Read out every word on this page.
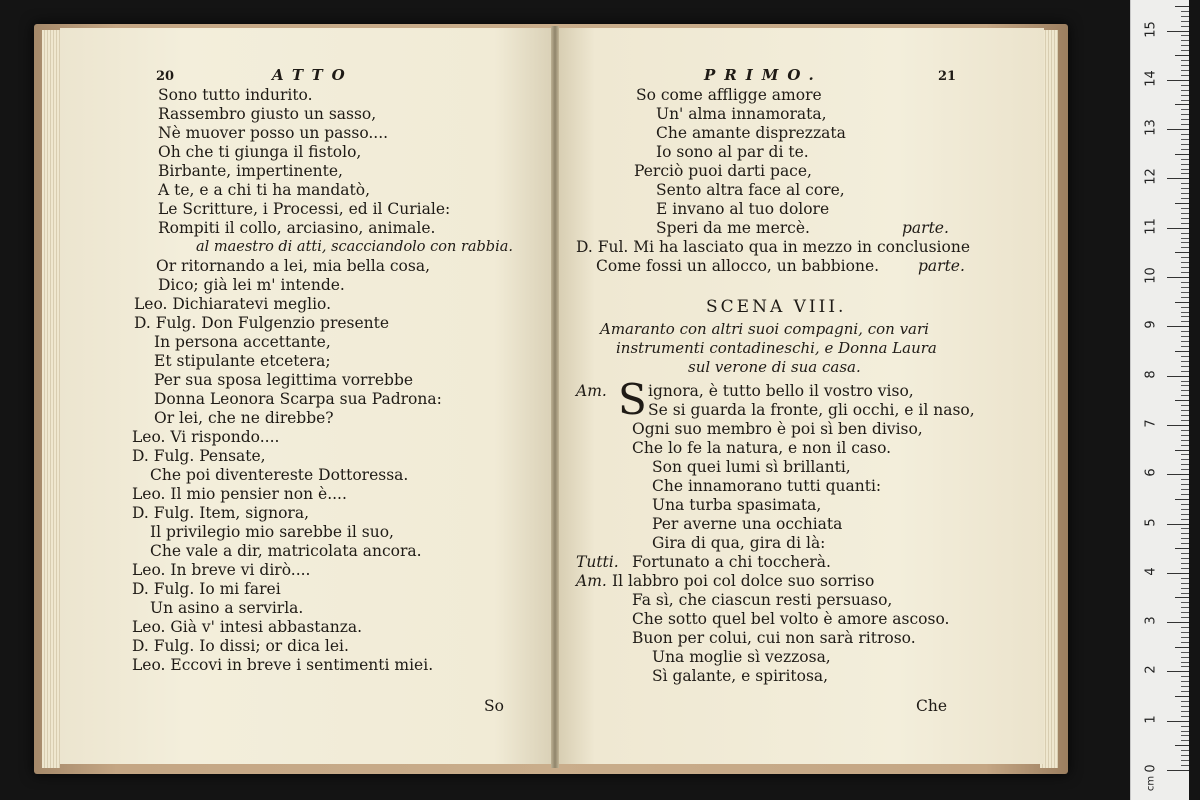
20	ATTO
Sono tutto indurito.
Rassembro giusto un sasso,
Nè muover posso un passo....
Oh che ti giunga il fistolo,
Birbante, impertinente,
A te, e a chi ti ha mandatò,
Le Scritture, i Processi, ed il Curiale:
Rompiti il collo, arciasino, animale.
al maestro di atti, scacciandolo con rabbia.
Or ritornando a lei, mia bella cosa,
Dico; già lei m' intende.
Leo. Dichiaratevi meglio.
D. Fulg. Don Fulgenzio presente
In persona accettante,
Et stipulante etcetera;
Per sua sposa legittima vorrebbe
Donna Leonora Scarpa sua Padrona:
Or lei, che ne direbbe?
Leo. Vi rispondo....
D. Fulg. Pensate,
Che poi diventereste Dottoressa.
Leo. Il mio pensier non è....
D. Fulg. Item, signora,
Il privilegio mio sarebbe il suo,
Che vale a dir, matricolata ancora.
Leo. In breve vi dirò....
D. Fulg. Io mi farei
Un asino a servirla.
Leo. Già v' intesi abbastanza.
D. Fulg. Io dissi; or dica lei.
Leo. Eccovi in breve i sentimenti miei.
So
PRIMO.	21
So come affligge amore
Un' alma innamorata,
Che amante disprezzata
Io sono al par di te.
Perciò puoi darti pace,
Sento altra face al core,
E invano al tuo dolore
Speri da me mercè.	parte.
D. Ful. Mi ha lasciato qua in mezzo in conclusione
Come fossi un allocco, un babbione.	parte.
SCENA VIII.
Amaranto con altri suoi compagni, con vari
instrumenti contadineschi, e Donna Laura
sul verone di sua casa.
Am. S ignora, è tutto bello il vostro viso,
Se si guarda la fronte, gli occhi, e il naso,
Ogni suo membro è poi sì ben diviso,
Che lo fe la natura, e non il caso.
Son quei lumi sì brillanti,
Che innamorano tutti quanti:
Una turba spasimata,
Per averne una occhiata
Gira di qua, gira di là:
Tutti. Fortunato a chi toccherà.
Am. Il labbro poi col dolce suo sorriso
Fa sì, che ciascun resti persuaso,
Che sotto quel bel volto è amore ascoso.
Buon per colui, cui non sarà ritroso.
Una moglie sì vezzosa,
Sì galante, e spiritosa,
Che
0
1
2
3
4
5
6
7
8
9
10
11
12
13
14
15
cm
